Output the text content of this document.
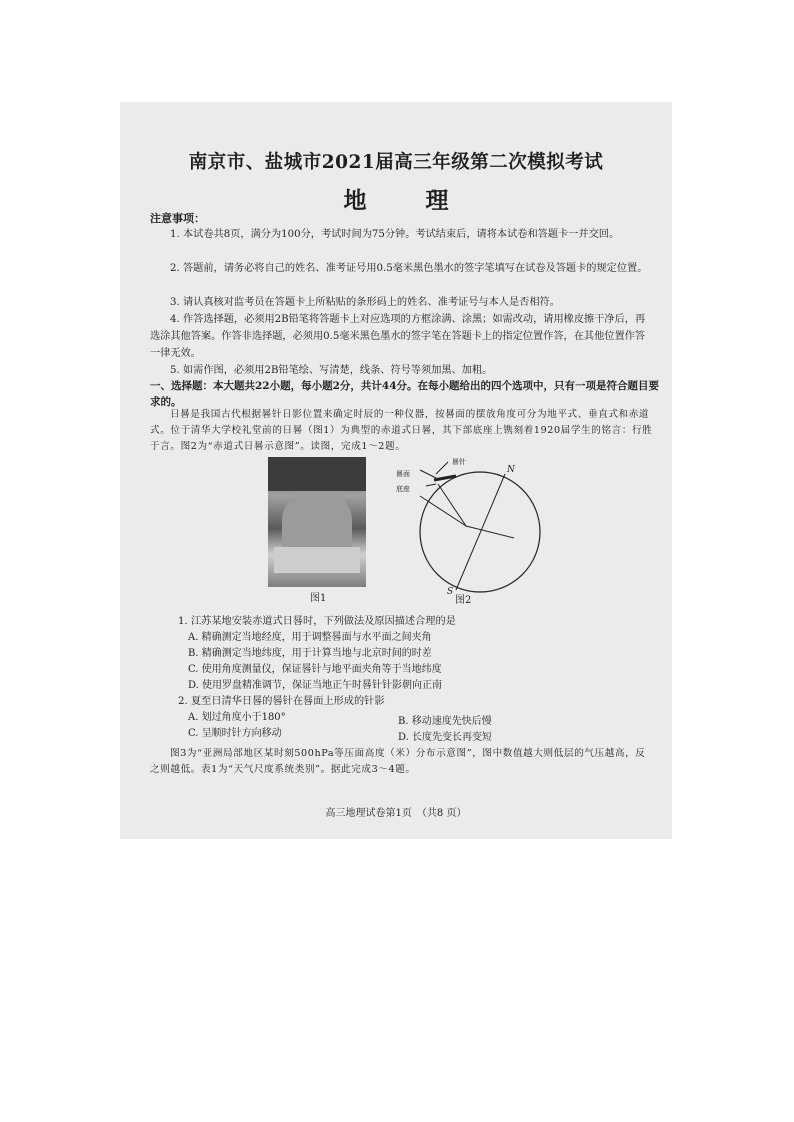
南京市、盐城市2021届高三年级第二次模拟考试
地　理
注意事项：
1. 本试卷共8页，满分为100分，考试时间为75分钟。考试结束后，请将本试卷和答题卡一并交回。
2. 答题前，请务必将自己的姓名、准考证号用0.5毫米黑色墨水的签字笔填写在试卷及答题卡的规定位置。
3. 请认真核对监考员在答题卡上所粘贴的条形码上的姓名、准考证号与本人是否相符。
4. 作答选择题，必须用2B铅笔将答题卡上对应选项的方框涂满、涂黑；如需改动，请用橡皮擦干净后，再选涂其他答案。作答非选择题，必须用0.5毫米黑色墨水的签字笔在答题卡上的指定位置作答，在其他位置作答一律无效。
5. 如需作图，必须用2B铅笔绘、写清楚，线条、符号等须加黑、加粗。
一、选择题：本大题共22小题，每小题2分，共计44分。在每小题给出的四个选项中，只有一项是符合题目要求的。
日晷是我国古代根据晷针日影位置来确定时辰的一种仪器，按晷面的摆放角度可分为地平式、垂直式和赤道式。位于清华大学校礼堂前的日晷（图1）为典型的赤道式日晷，其下部底座上镌刻着1920届学生的铭言：行胜于言。图2为“赤道式日晷示意图”。读图，完成1～2题。
图1
晷针
晷面
底座
N
S
图2
1. 江苏某地安装赤道式日晷时，下列做法及原因描述合理的是
A. 精确测定当地经度，用于调整晷面与水平面之间夹角
B. 精确测定当地纬度，用于计算当地与北京时间的时差
C. 使用角度测量仪，保证晷针与地平面夹角等于当地纬度
D. 使用罗盘精准调节，保证当地正午时晷针针影朝向正南
2. 夏至日清华日晷的晷针在晷面上形成的针影
A. 划过角度小于180°	B. 移动速度先快后慢
C. 呈顺时针方向移动	D. 长度先变长再变短
图3为“亚洲局部地区某时刻500hPa等压面高度（米）分布示意图”，图中数值越大则低层的气压越高，反之则越低。表1为“天气尺度系统类别”。据此完成3～4题。
高三地理试卷第1页　（共8 页）
